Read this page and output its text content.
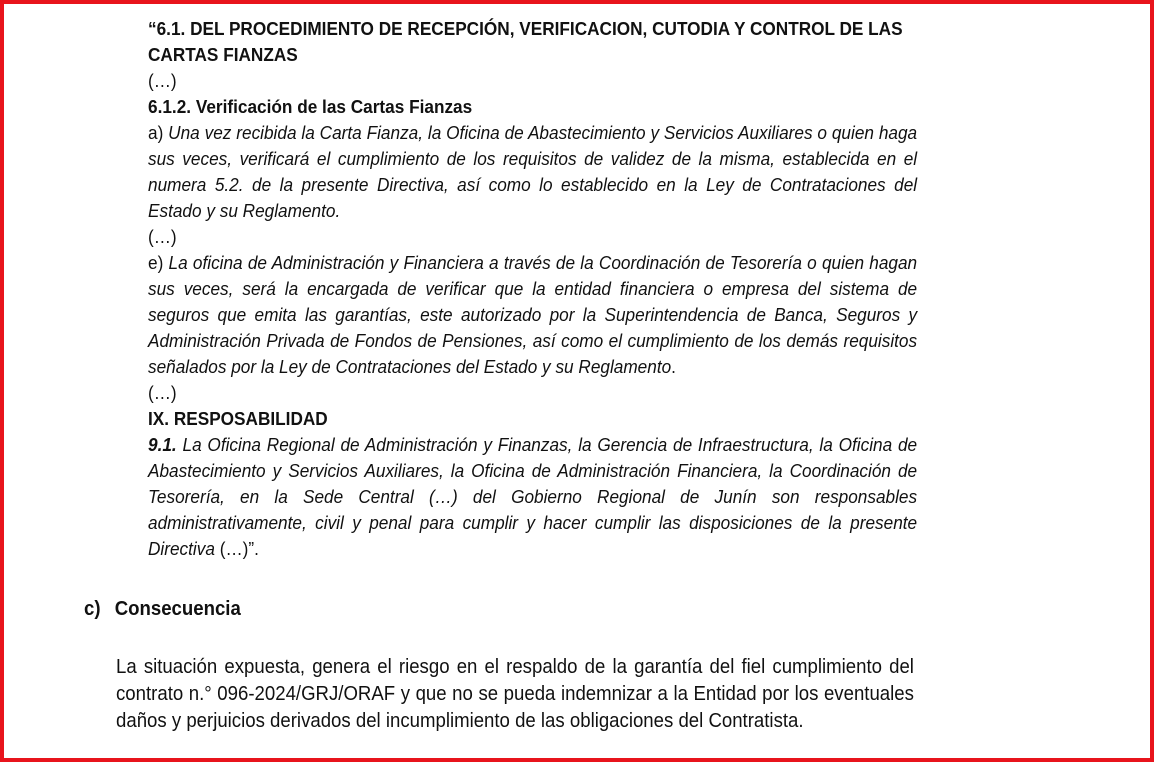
“6.1. DEL PROCEDIMIENTO DE RECEPCIÓN, VERIFICACION, CUTODIA Y CONTROL DE LAS
CARTAS FIANZAS

(…)

6.1.2. Verificación de las Cartas Fianzas

a) Una vez recibida la Carta Fianza, la Oficina de Abastecimiento y Servicios Auxiliares o quien haga sus veces, verificará el cumplimiento de los requisitos de validez de la misma, establecida en el numera 5.2. de la presente Directiva, así como lo establecido en la Ley de Contrataciones del Estado y su Reglamento.

(…)

e) La oficina de Administración y Financiera a través de la Coordinación de Tesorería o quien hagan sus veces, será la encargada de verificar que la entidad financiera o empresa del sistema de seguros que emita las garantías, este autorizado por la Superintendencia de Banca, Seguros y Administración Privada de Fondos de Pensiones, así como el cumplimiento de los demás requisitos señalados por la Ley de Contrataciones del Estado y su Reglamento.

(…)

IX. RESPOSABILIDAD

9.1. La Oficina Regional de Administración y Finanzas, la Gerencia de Infraestructura, la Oficina de Abastecimiento y Servicios Auxiliares, la Oficina de Administración Financiera, la Coordinación de Tesorería, en la Sede Central (…) del Gobierno Regional de Junín son responsables administrativamente, civil y penal para cumplir y hacer cumplir las disposiciones de la presente Directiva (…)”.

c) Consecuencia

La situación expuesta, genera el riesgo en el respaldo de la garantía del fiel cumplimiento del contrato n.° 096-2024/GRJ/ORAF y que no se pueda indemnizar a la Entidad por los eventuales daños y perjuicios derivados del incumplimiento de las obligaciones del Contratista.
